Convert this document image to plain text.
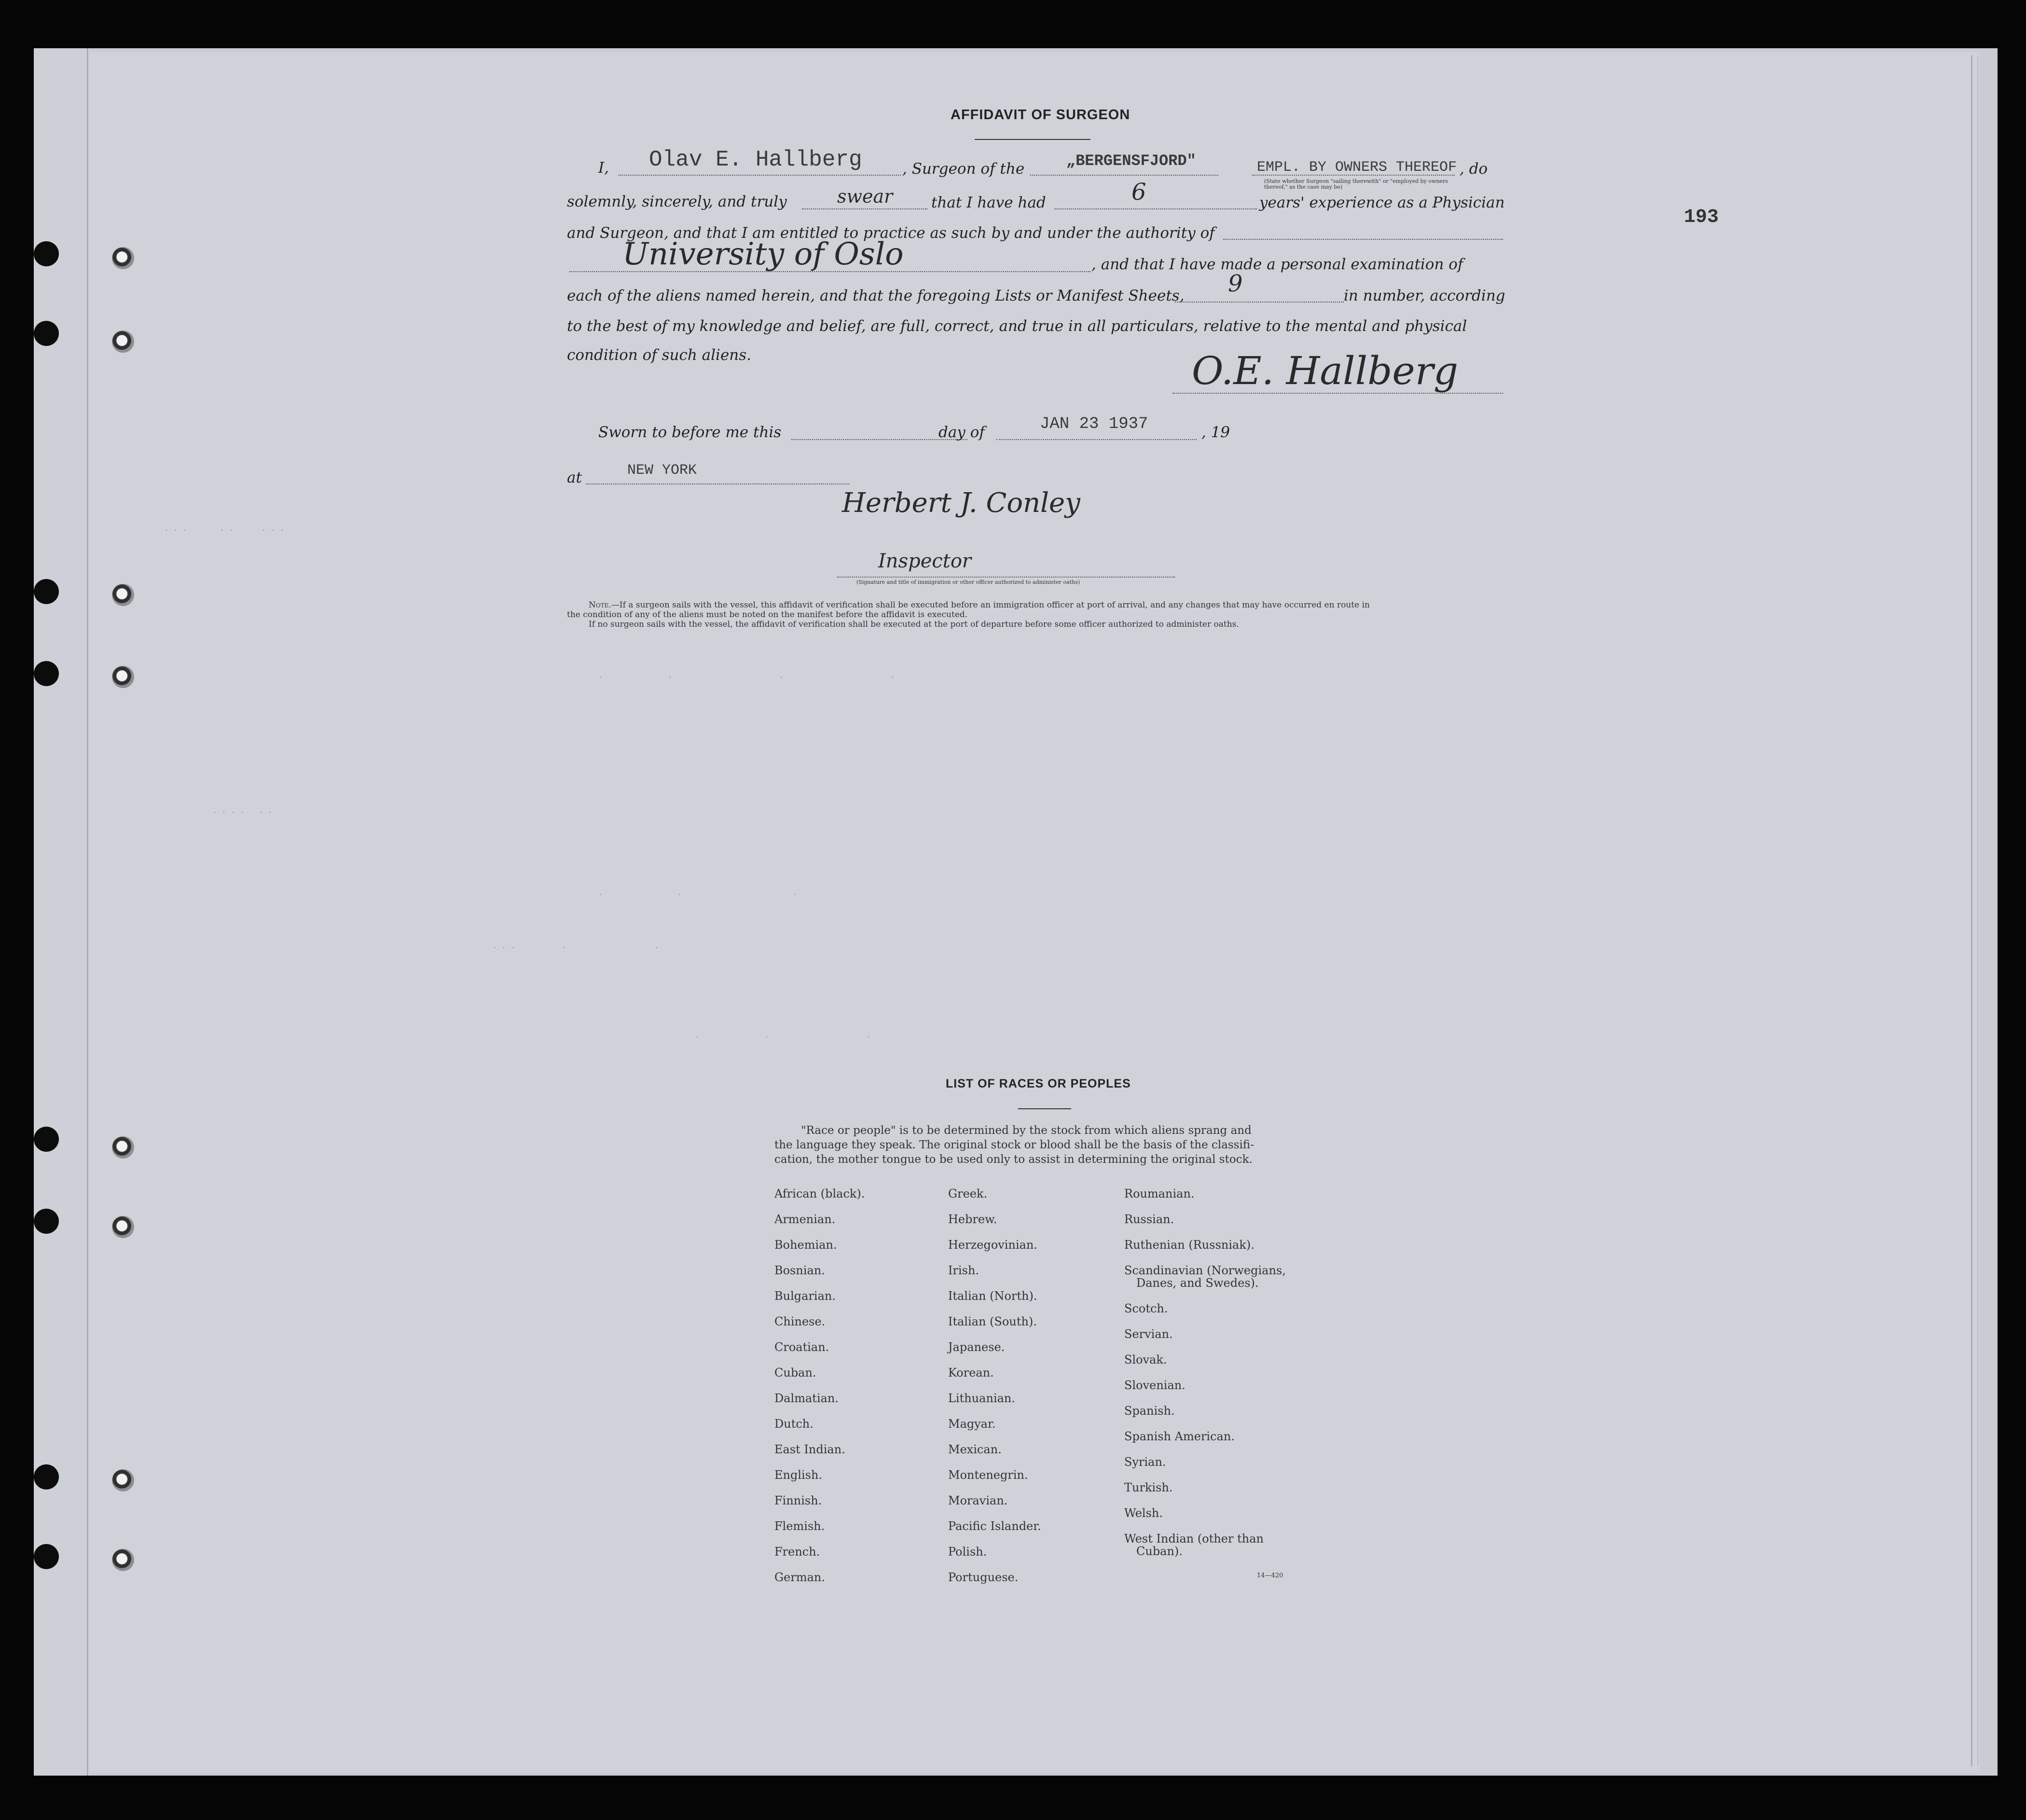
AFFIDAVIT OF SURGEON
193
I, Olav E. Hallberg	, Surgeon of the	„BERGENSFJORD"	EMPL. BY OWNERS THEREOF , do
(State whether Surgeon "sailing therewith" or "employed by owners thereof," as the case may be)
solemnly, sincerely, and truly	swear	that I have had	6	years' experience as a Physician
and Surgeon, and that I am entitled to practice as such by and under the authority of
University of Oslo	, and that I have made a personal examination of
each of the aliens named herein, and that the foregoing Lists or Manifest Sheets, 9	in number, according
to the best of my knowledge and belief, are full, correct, and true in all particulars, relative to the mental and physical
condition of such aliens.	O.E. Hallberg
Sworn to before me this	day of	JAN 23 1937	, 19
at	NEW YORK
Herbert J. Conley
Inspector
(Signature and title of immigration or other officer authorized to administer oaths)
Note.—If a surgeon sails with the vessel, this affidavit of verification shall be executed before an immigration officer at port of arrival, and any changes that may have occurred en route in
the condition of any of the aliens must be noted on the manifest before the affidavit is executed.
If no surgeon sails with the vessel, the affidavit of verification shall be executed at the port of departure before some officer authorized to administer oaths.
· · ·       · ·      · · ·
·              ·                       ·                       ·
· · · ·   · ·
·                ·                        ·
· · ·          ·                   ·
·              ·                     ·
LIST OF RACES OR PEOPLES
"Race or people" is to be determined by the stock from which aliens sprang and
the language they speak. The original stock or blood shall be the basis of the classifi-
cation, the mother tongue to be used only to assist in determining the original stock.
14—420
African (black).
Armenian.
Bohemian.
Bosnian.
Bulgarian.
Chinese.
Croatian.
Cuban.
Dalmatian.
Dutch.
East Indian.
English.
Finnish.
Flemish.
French.
German.
Greek.
Hebrew.
Herzegovinian.
Irish.
Italian (North).
Italian (South).
Japanese.
Korean.
Lithuanian.
Magyar.
Mexican.
Montenegrin.
Moravian.
Pacific Islander.
Polish.
Portuguese.
Roumanian.
Russian.
Ruthenian (Russniak).
Scandinavian (Norwegians,
Danes, and Swedes).
Scotch.
Servian.
Slovak.
Slovenian.
Spanish.
Spanish American.
Syrian.
Turkish.
Welsh.
West Indian (other than
Cuban).
